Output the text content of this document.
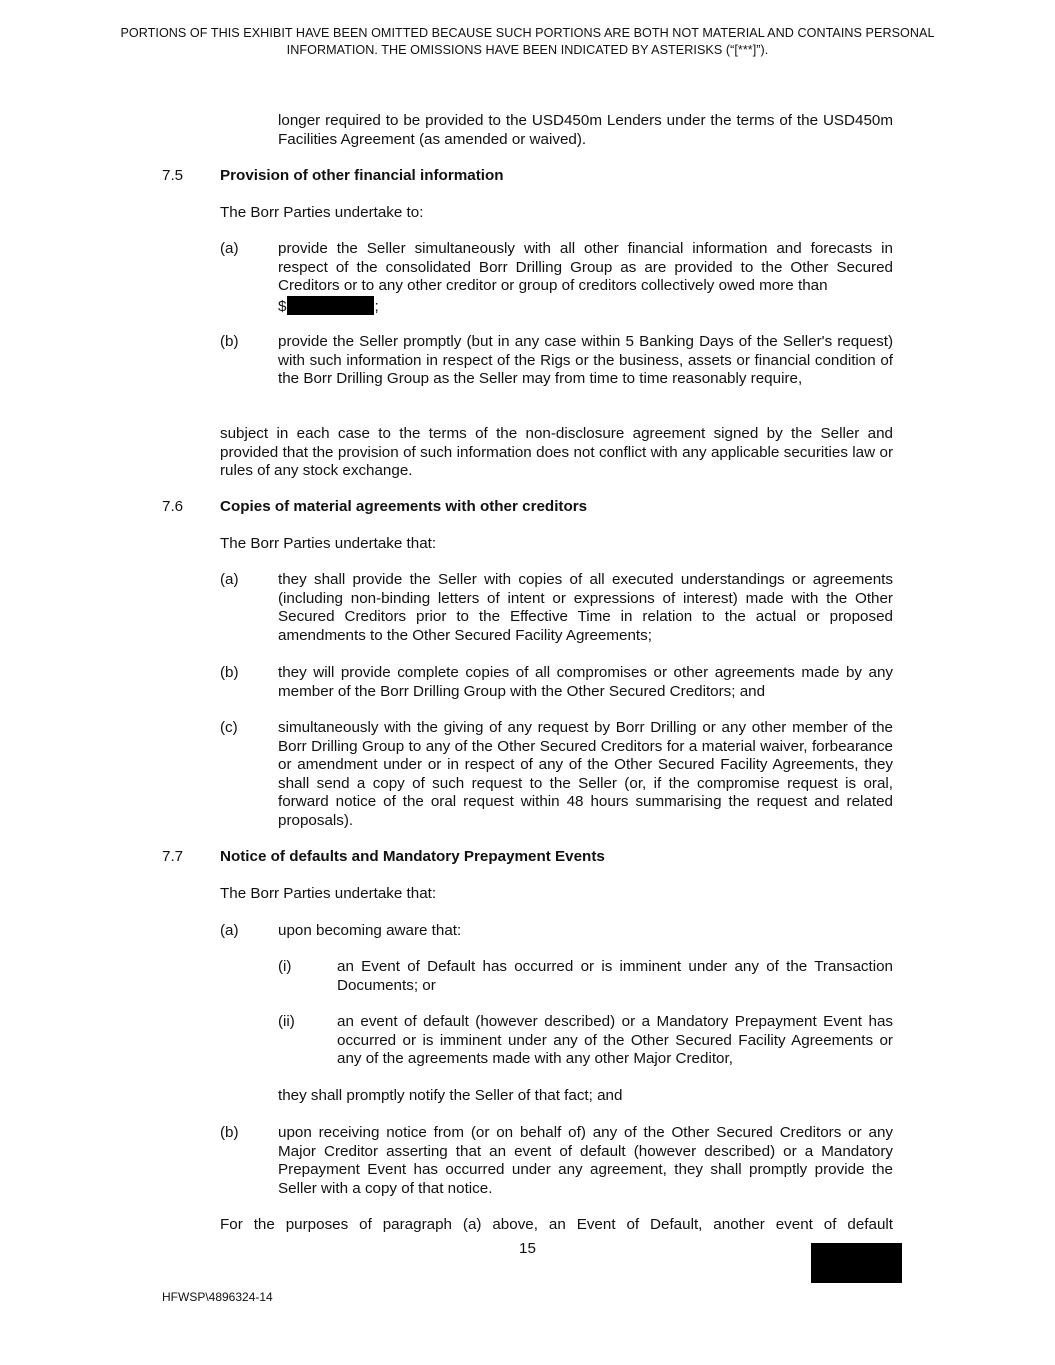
PORTIONS OF THIS EXHIBIT HAVE BEEN OMITTED BECAUSE SUCH PORTIONS ARE BOTH NOT MATERIAL AND CONTAINS PERSONAL INFORMATION. THE OMISSIONS HAVE BEEN INDICATED BY ASTERISKS (“[***]”).
longer required to be provided to the USD450m Lenders under the terms of the USD450m Facilities Agreement (as amended or waived).
7.5 Provision of other financial information
The Borr Parties undertake to:
(a)	provide the Seller simultaneously with all other financial information and forecasts in respect of the consolidated Borr Drilling Group as are provided to the Other Secured Creditors or to any other creditor or group of creditors collectively owed more than
$	;
(b)	provide the Seller promptly (but in any case within 5 Banking Days of the Seller's request) with such information in respect of the Rigs or the business, assets or financial condition of the Borr Drilling Group as the Seller may from time to time reasonably require,
subject in each case to the terms of the non-disclosure agreement signed by the Seller and provided that the provision of such information does not conflict with any applicable securities law or rules of any stock exchange.
7.6 Copies of material agreements with other creditors
The Borr Parties undertake that:
(a)	they shall provide the Seller with copies of all executed understandings or agreements (including non-binding letters of intent or expressions of interest) made with the Other Secured Creditors prior to the Effective Time in relation to the actual or proposed amendments to the Other Secured Facility Agreements;
(b)	they will provide complete copies of all compromises or other agreements made by any member of the Borr Drilling Group with the Other Secured Creditors; and
(c)	simultaneously with the giving of any request by Borr Drilling or any other member of the Borr Drilling Group to any of the Other Secured Creditors for a material waiver, forbearance or amendment under or in respect of any of the Other Secured Facility Agreements, they shall send a copy of such request to the Seller (or, if the compromise request is oral, forward notice of the oral request within 48 hours summarising the request and related proposals).
7.7 Notice of defaults and Mandatory Prepayment Events
The Borr Parties undertake that:
(a)	upon becoming aware that:
(i)	an Event of Default has occurred or is imminent under any of the Transaction Documents; or
(ii)	an event of default (however described) or a Mandatory Prepayment Event has occurred or is imminent under any of the Other Secured Facility Agreements or any of the agreements made with any other Major Creditor,
they shall promptly notify the Seller of that fact; and
(b)	upon receiving notice from (or on behalf of) any of the Other Secured Creditors or any Major Creditor asserting that an event of default (however described) or a Mandatory Prepayment Event has occurred under any agreement, they shall promptly provide the Seller with a copy of that notice.
For the purposes of paragraph (a) above, an Event of Default, another event of default
15
HFWSP\4896324-14
